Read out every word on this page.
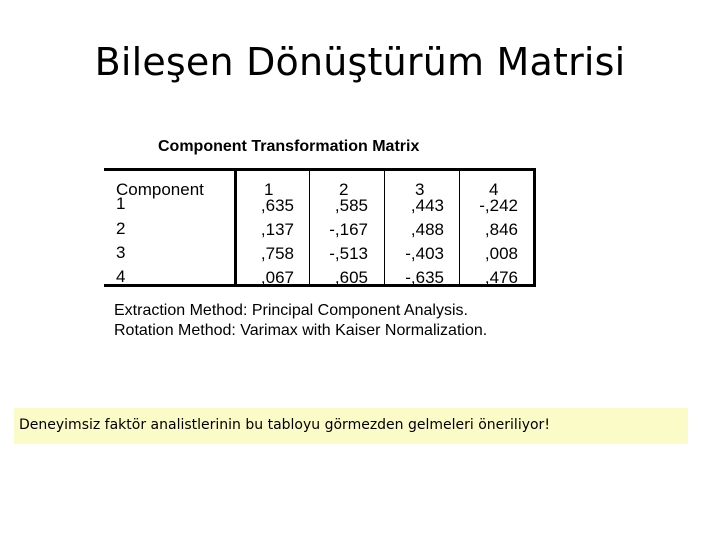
Bileşen Dönüştürüm Matrisi
Component Transformation Matrix
Component	1	2	3	4
1	,635	,585	,443	-,242
2	,137	-,167	,488	,846
3	,758	-,513	-,403	,008
4	,067	,605	-,635	,476
Extraction Method: Principal Component Analysis.
Rotation Method: Varimax with Kaiser Normalization.
Deneyimsiz faktör analistlerinin bu tabloyu görmezden gelmeleri öneriliyor!
